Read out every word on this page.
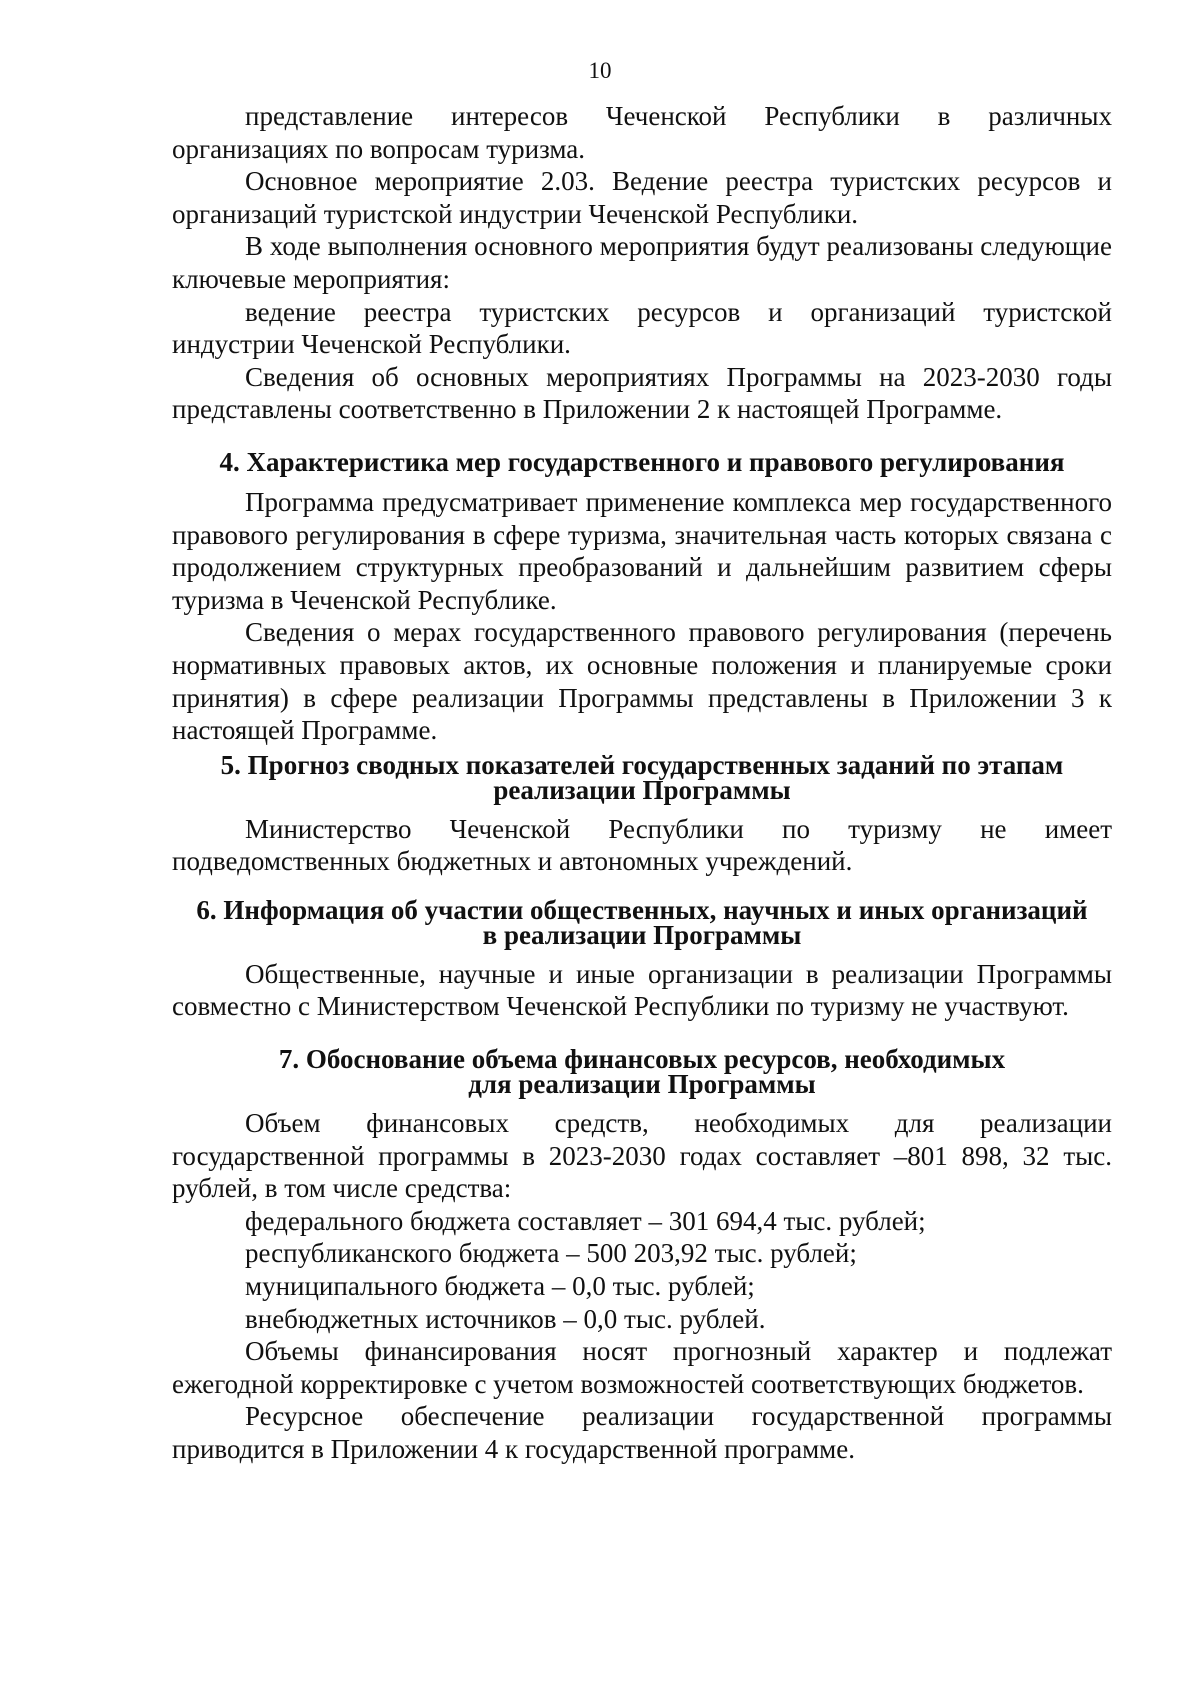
10

представление интересов Чеченской Республики в различных организациях по вопросам туризма.

Основное мероприятие 2.03. Ведение реестра туристских ресурсов и организаций туристской индустрии Чеченской Республики.

В ходе выполнения основного мероприятия будут реализованы следующие ключевые мероприятия:

ведение реестра туристских ресурсов и организаций туристской индустрии Чеченской Республики.

Сведения об основных мероприятиях Программы на 2023-2030 годы представлены соответственно в Приложении 2 к настоящей Программе.

4. Характеристика мер государственного и правового регулирования

Программа предусматривает применение комплекса мер государственного правового регулирования в сфере туризма, значительная часть которых связана с продолжением структурных преобразований и дальнейшим развитием сферы туризма в Чеченской Республике.

Сведения о мерах государственного правового регулирования (перечень нормативных правовых актов, их основные положения и планируемые сроки принятия) в сфере реализации Программы представлены в Приложении 3 к настоящей Программе.

5. Прогноз сводных показателей государственных заданий по этапам
реализации Программы

Министерство Чеченской Республики по туризму не имеет подведомственных бюджетных и автономных учреждений.

6. Информация об участии общественных, научных и иных организаций
в реализации Программы

Общественные, научные и иные организации в реализации Программы совместно с Министерством Чеченской Республики по туризму не участвуют.

7. Обоснование объема финансовых ресурсов, необходимых
для реализации Программы

Объем финансовых средств, необходимых для реализации государственной программы в 2023-2030 годах составляет –801 898, 32 тыс. рублей, в том числе средства:

федерального бюджета составляет – 301 694,4 тыс. рублей;

республиканского бюджета – 500 203,92 тыс. рублей;

муниципального бюджета – 0,0 тыс. рублей;

внебюджетных источников – 0,0 тыс. рублей.

Объемы финансирования носят прогнозный характер и подлежат ежегодной корректировке с учетом возможностей соответствующих бюджетов.

Ресурсное обеспечение реализации государственной программы приводится в Приложении 4 к государственной программе.
